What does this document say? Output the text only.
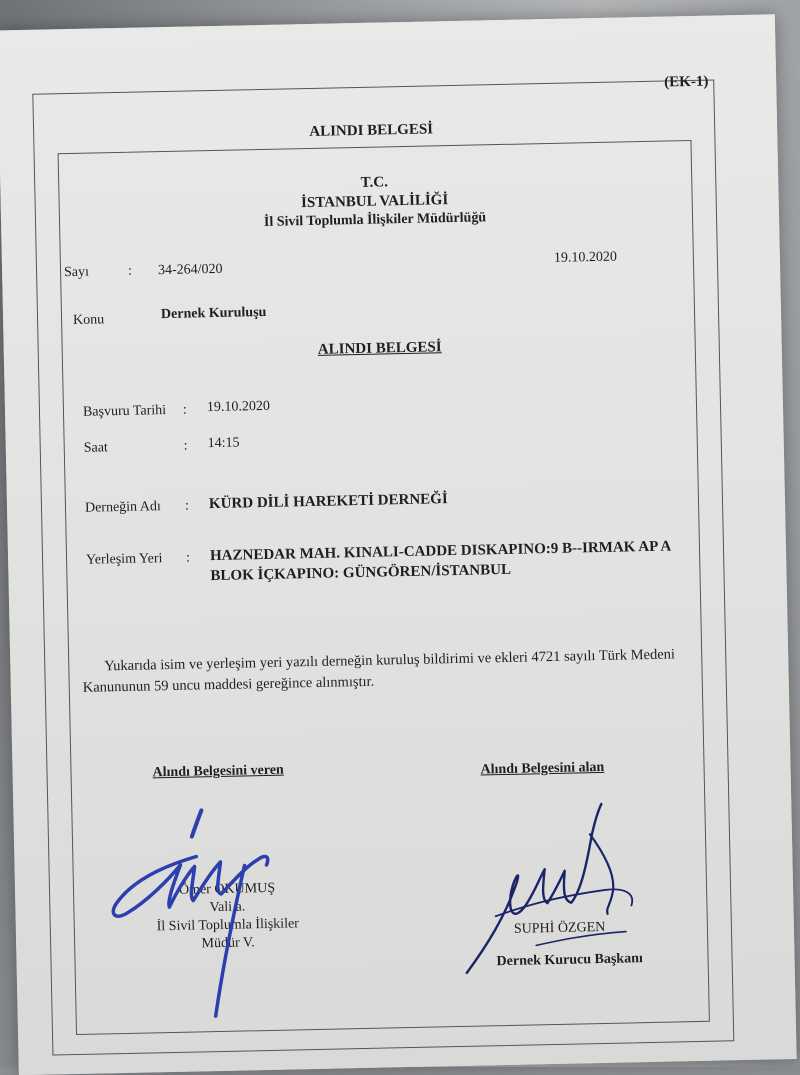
(EK-1)
ALINDI BELGESİ
T.C.
İSTANBUL VALİLİĞİ
İl Sivil Toplumla İlişkiler Müdürlüğü
Sayı	: 34-264/020
19.10.2020
Konu	Dernek Kuruluşu
ALINDI BELGESİ
Başvuru Tarihi : 19.10.2020
Saat	: 14:15
Derneğin Adı : KÜRD DİLİ HAREKETİ DERNEĞİ
Yerleşim Yeri : HAZNEDAR MAH. KINALI-CADDE DISKAPINO:9 B--IRMAK AP A
BLOK İÇKAPINO: GÜNGÖREN/İSTANBUL
Yukarıda isim ve yerleşim yeri yazılı derneğin kuruluş bildirimi ve ekleri 4721 sayılı Türk Medeni Kanununun 59 uncu maddesi gereğince alınmıştır.
Alındı Belgesini veren	Alındı Belgesini alan
Ömer OKUMUŞ
Vali a.
İl Sivil Toplumla İlişkiler
Müdür V.
SUPHİ ÖZGEN
Dernek Kurucu Başkanı
